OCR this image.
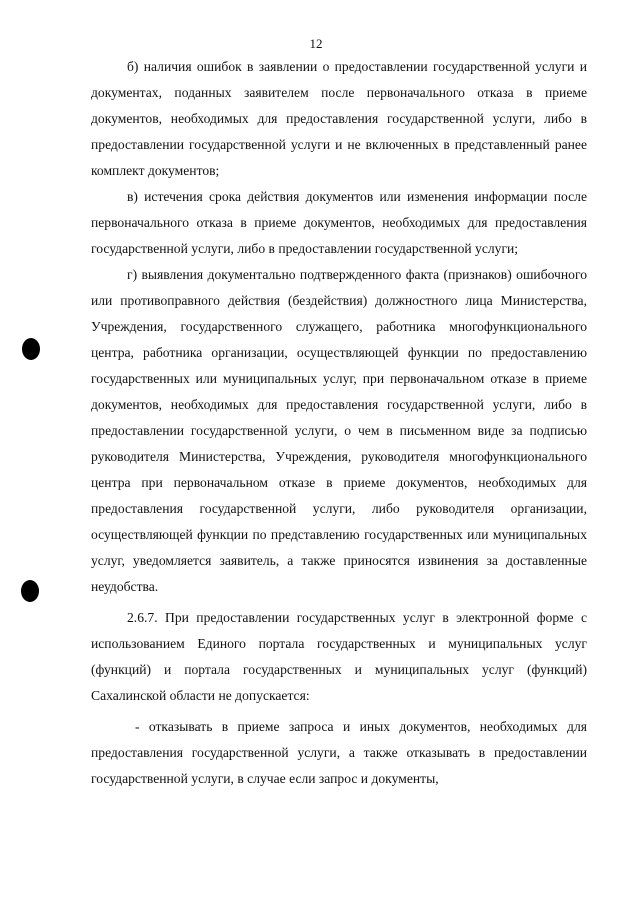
12

б) наличия ошибок в заявлении о предоставлении государственной услуги и документах, поданных заявителем после первоначального отказа в приеме документов, необходимых для предоставления государственной услуги, либо в предоставлении государственной услуги и не включенных в представленный ранее комплект документов;

в) истечения срока действия документов или изменения информации после первоначального отказа в приеме документов, необходимых для предоставления государственной услуги, либо в предоставлении государственной услуги;

г) выявления документально подтвержденного факта (признаков) ошибочного или противоправного действия (бездействия) должностного лица Министерства, Учреждения, государственного служащего, работника многофункционального центра, работника организации, осуществляющей функции по предоставлению государственных или муниципальных услуг, при первоначальном отказе в приеме документов, необходимых для предоставления государственной услуги, либо в предоставлении государственной услуги, о чем в письменном виде за подписью руководителя Министерства, Учреждения, руководителя многофункционального центра при первоначальном отказе в приеме документов, необходимых для предоставления государственной услуги, либо руководителя организации, осуществляющей функции по представлению государственных или муниципальных услуг, уведомляется заявитель, а также приносятся извинения за доставленные неудобства.

2.6.7. При предоставлении государственных услуг в электронной форме с использованием Единого портала государственных и муниципальных услуг (функций) и портала государственных и муниципальных услуг (функций) Сахалинской области не допускается:

- отказывать в приеме запроса и иных документов, необходимых для предоставления государственной услуги, а также отказывать в предоставлении государственной услуги, в случае если запрос и документы,
